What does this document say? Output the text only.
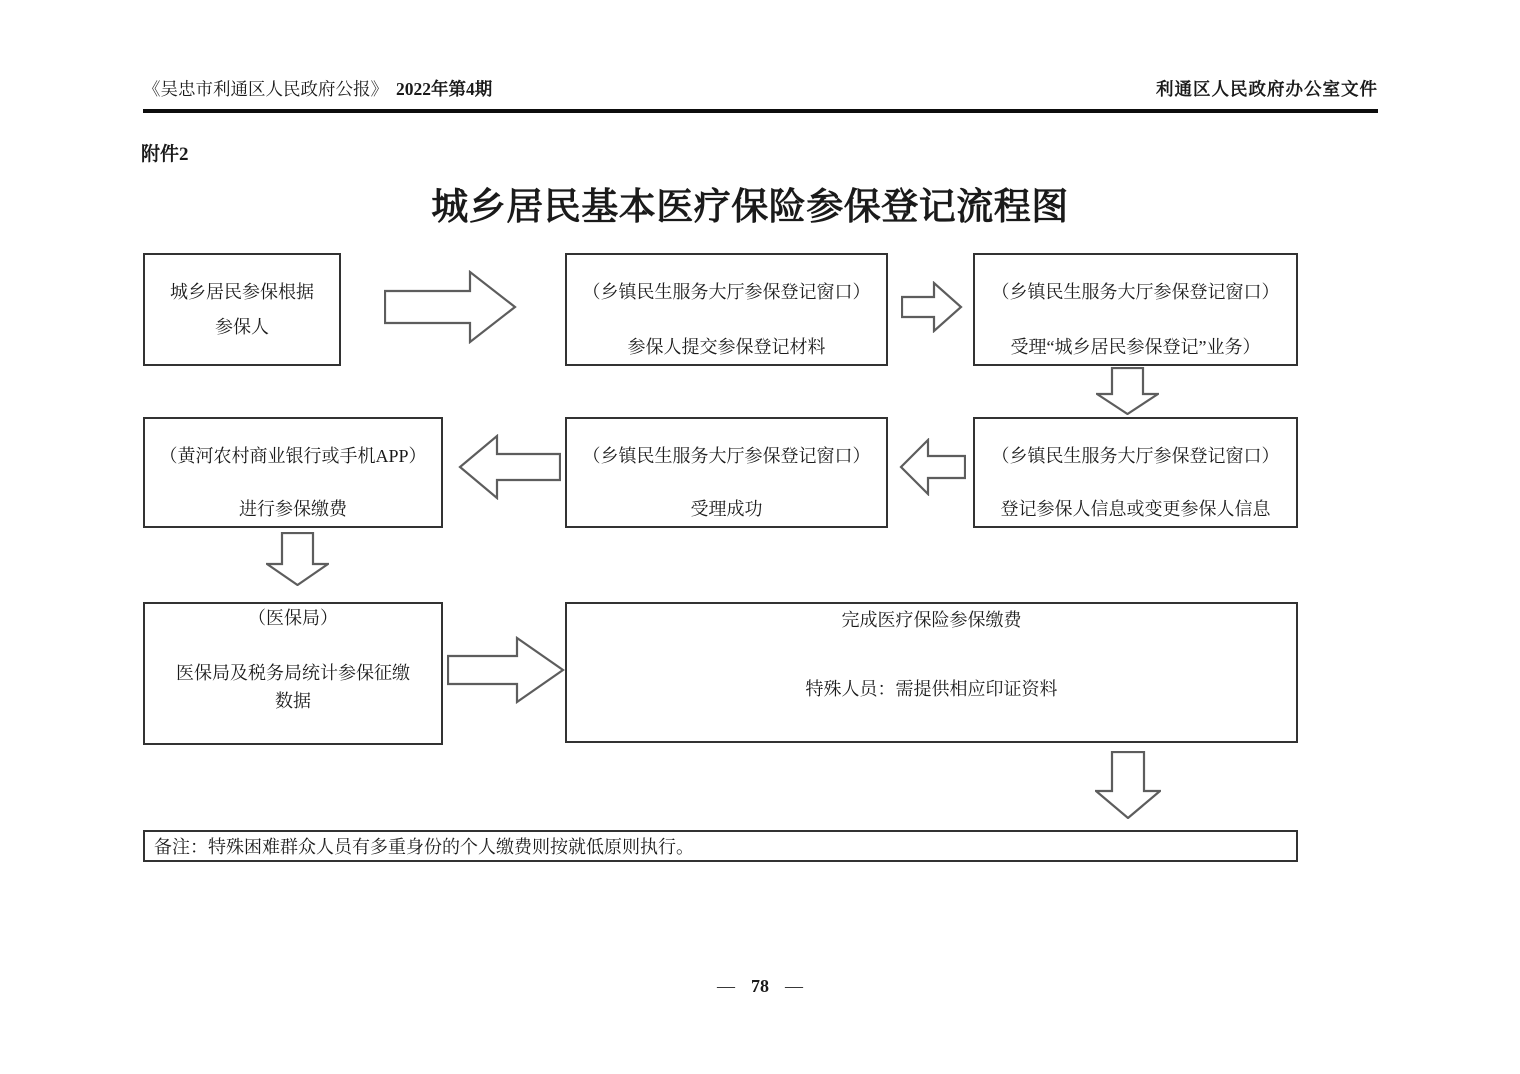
《吴忠市利通区人民政府公报》 2022年第4期	利通区人民政府办公室文件
附件2
城乡居民基本医疗保险参保登记流程图
城乡居民参保根据
参保人
（乡镇民生服务大厅参保登记窗口）
参保人提交参保登记材料
（乡镇民生服务大厅参保登记窗口）
受理“城乡居民参保登记”业务）
（乡镇民生服务大厅参保登记窗口）
登记参保人信息或变更参保人信息
（乡镇民生服务大厅参保登记窗口）
受理成功
（黄河农村商业银行或手机APP）
进行参保缴费
（医保局）
医保局及税务局统计参保征缴
数据
完成医疗保险参保缴费
特殊人员：需提供相应印证资料
备注：特殊困难群众人员有多重身份的个人缴费则按就低原则执行。
— 78 —
